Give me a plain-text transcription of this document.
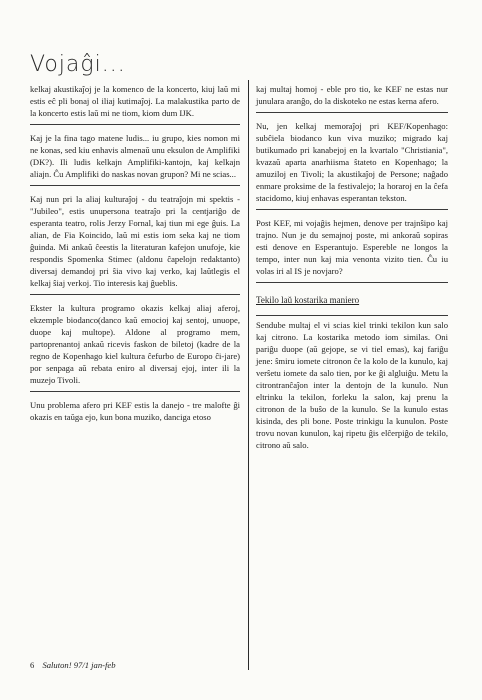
Vojaĝi...

kelkaj akustikaĵoj je la komenco de la koncerto, kiuj laŭ mi estis eĉ pli bonaj ol iliaj kutimaĵoj. La malakustika parto de la koncerto estis laŭ mi ne tiom, kiom dum IJK.

Kaj je la fina tago matene ludis... iu grupo, kies nomon mi ne konas, sed kiu enhavis almenaŭ unu eksulon de Amplifiki (DK?). Ili ludis kelkajn Amplifiki-kantojn, kaj kelkajn aliajn. Ĉu Amplifiki do naskas novan grupon? Mi ne scias...

Kaj nun pri la aliaj kulturaĵoj - du teatraĵojn mi spektis - "Jubileo", estis unupersona teatraĵo pri la centjariĝo de esperanta teatro, rolis Jerzy Fornal, kaj tiun mi ege ĝuis. La alian, de Fia Koincido, laŭ mi estis iom seka kaj ne tiom ĝuinda. Mi ankaŭ ĉeestis la literaturan kafejon unufoje, kie respondis Spomenka Stimec (aldonu ĉapelojn redaktanto) diversaj demandoj pri ŝia vivo kaj verko, kaj laŭtlegis el kelkaj ŝiaj verkoj. Tio interesis kaj ĝueblis.

Ekster la kultura programo okazis kelkaj aliaj aferoj, ekzemple biodanco(danco kaŭ emocioj kaj sentoj, unuope, duope kaj multope). Aldone al programo mem, partoprenantoj ankaŭ ricevis faskon de biletoj (kadre de la regno de Kopenhago kiel kultura ĉefurbo de Europo ĉi-jare) por senpaga aŭ rebata eniro al diversaj ejoj, inter ili la muzejo Tivoli.

Unu problema afero pri KEF estis la danejo - tre malofte ĝi okazis en taŭga ejo, kun bona muziko, danciga etoso

kaj multaj homoj - eble pro tio, ke KEF ne estas nur junulara aranĝo, do la diskoteko ne estas kerna afero.

Nu, jen kelkaj memoraĵoj pri KEF/Kopenhago: subĉiela biodanco kun viva muziko; migrado kaj butikumado pri kanabejoj en la kvartalo "Christiania", kvazaŭ aparta anarhiisma ŝtateto en Kopenhago; la amuziloj en Tivoli; la akustikaĵoj de Persone; naĝado enmare proksime de la festivalejo; la horaroj en la ĉefa stacidomo, kiuj enhavas esperantan tekston.

Post KEF, mi vojaĝis hejmen, denove per trajnŝipo kaj trajno. Nun je du semajnoj poste, mi ankoraŭ sopiras esti denove en Esperantujo. Espereble ne longos la tempo, inter nun kaj mia venonta vizito tien. Ĉu iu volas iri al IS je novjaro?

Tekilo laŭ kostarika maniero

Sendube multaj el vi scias kiel trinki tekilon kun salo kaj citrono. La kostarika metodo iom similas. Oni pariĝu duope (aŭ gejope, se vi tiel emas), kaj fariĝu jene: ŝmiru iomete citronon ĉe la kolo de la kunulo, kaj verŝetu iomete da salo tien, por ke ĝi algluiĝu. Metu la citrontranĉaĵon inter la dentojn de la kunulo. Nun eltrinku la tekilon, forleku la salon, kaj prenu la citronon de la buŝo de la kunulo. Se la kunulo estas kisinda, des pli bone. Poste trinkigu la kunulon. Poste trovu novan kunulon, kaj ripetu ĝis elĉerpiĝo de tekilo, citrono aŭ salo.

6 Saluton! 97/1 jan-feb
